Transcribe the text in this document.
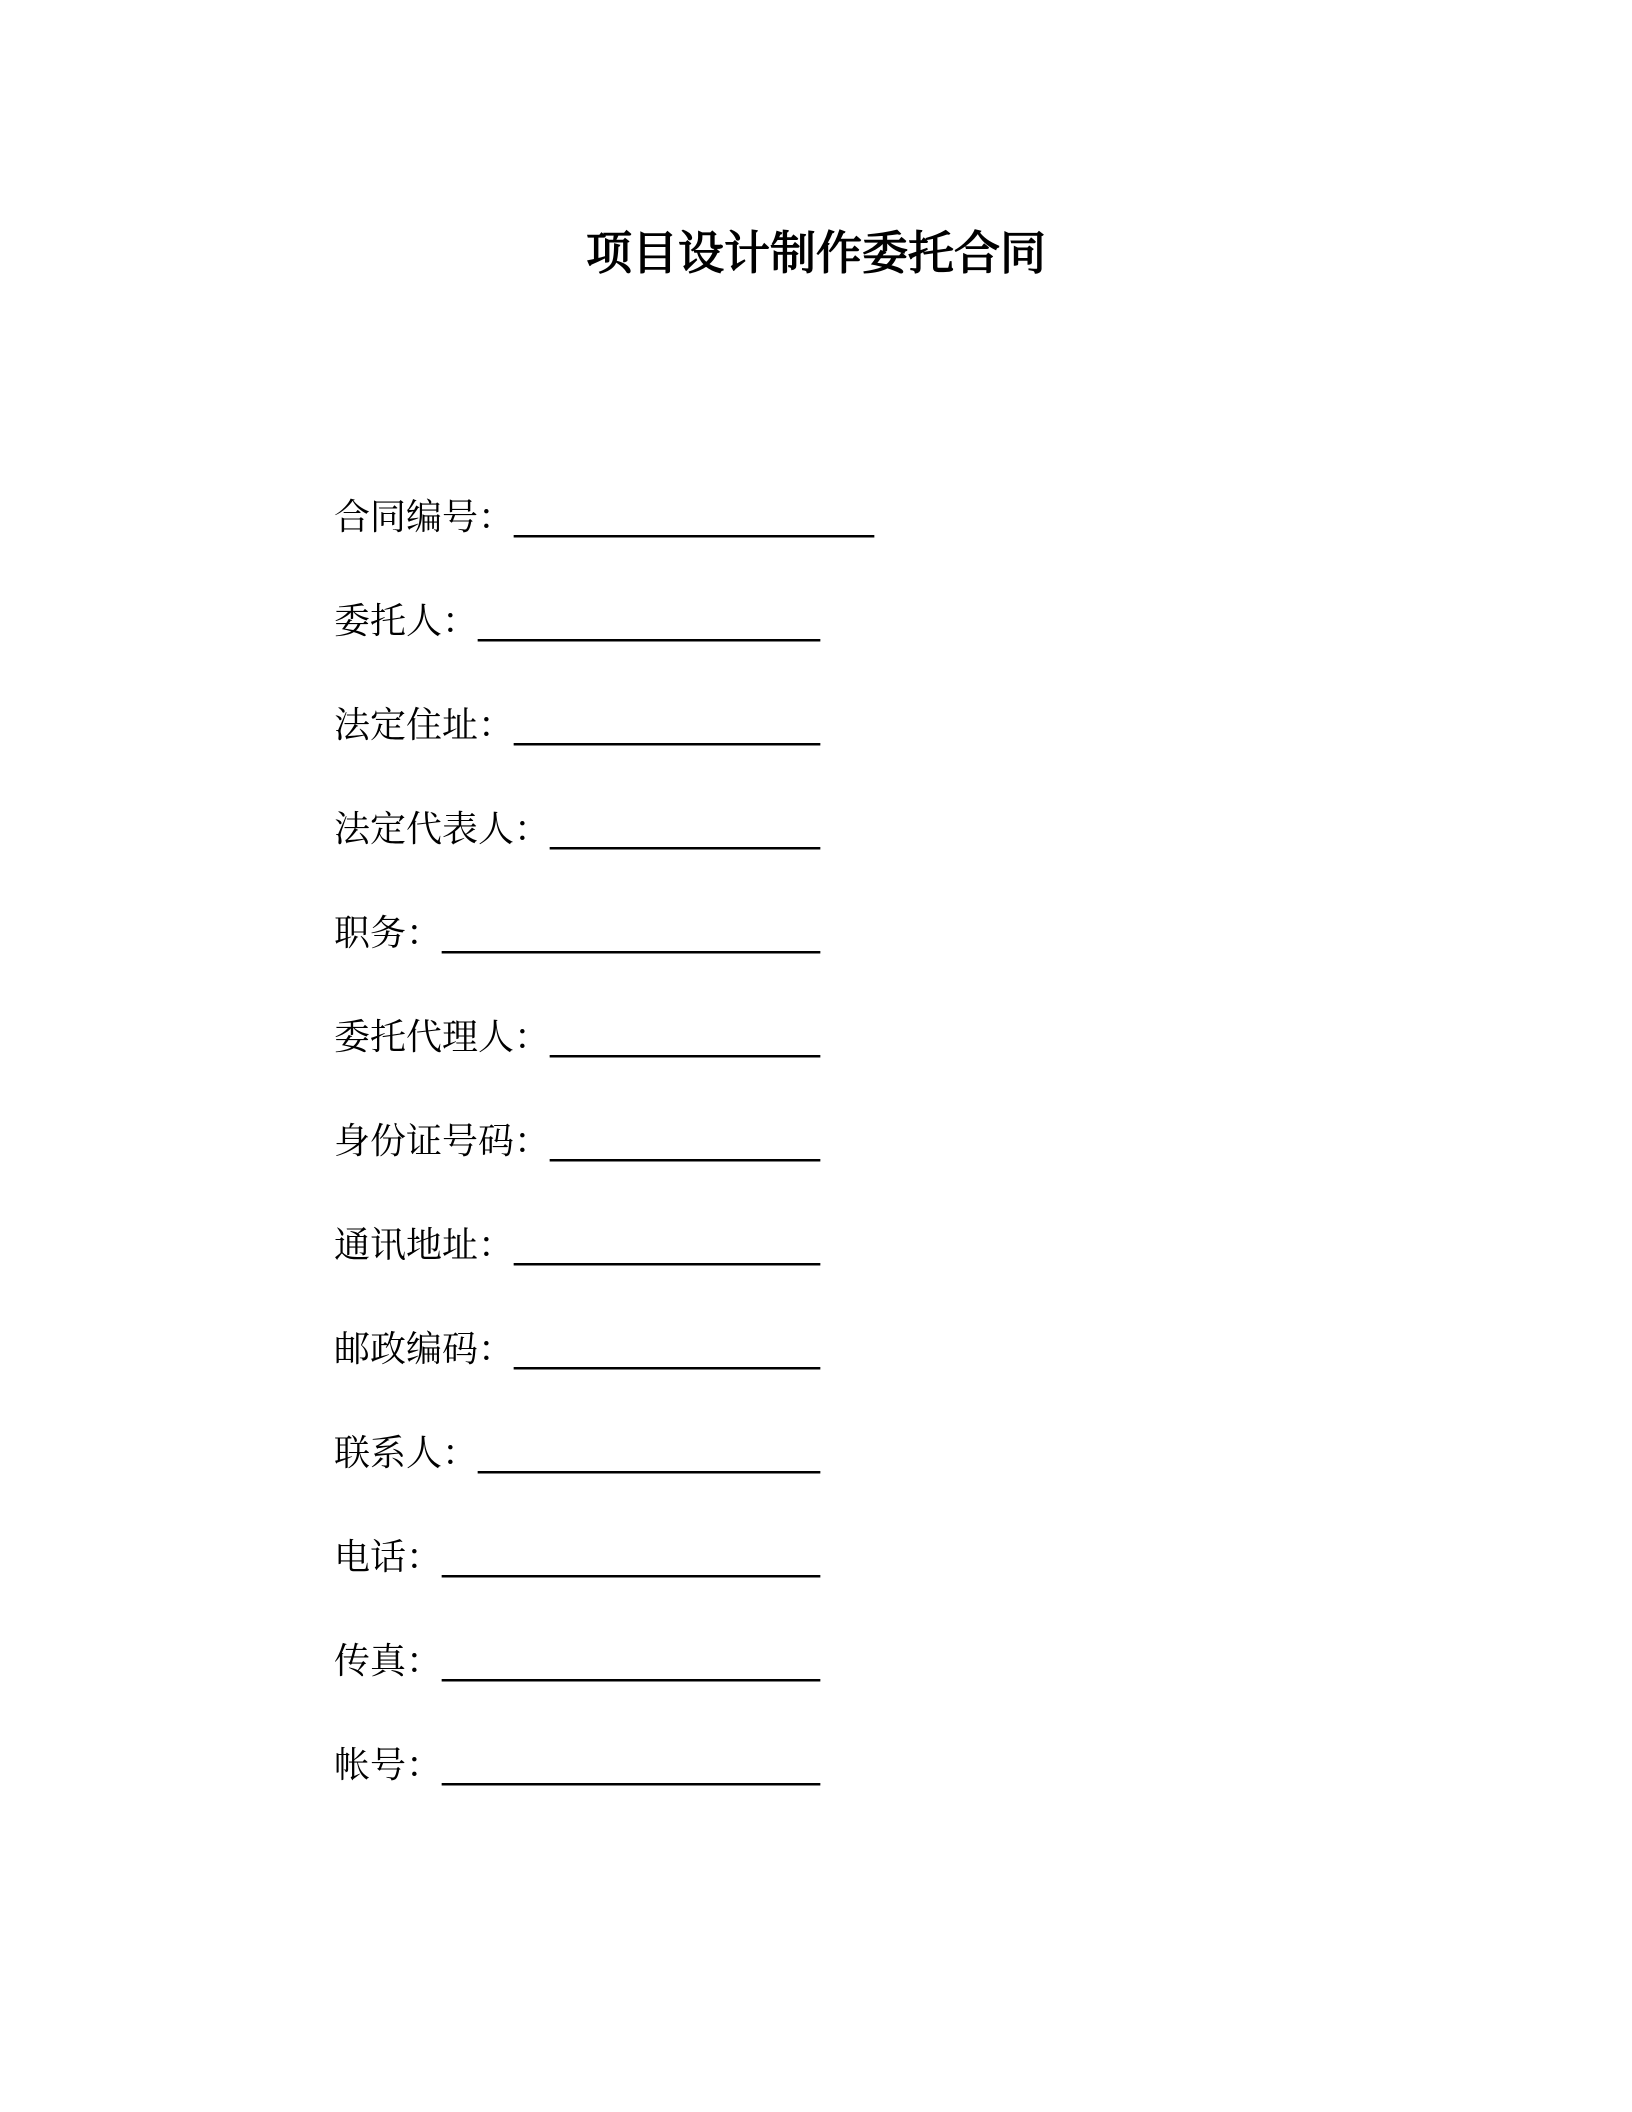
项目设计制作委托合同
合同编号：____________________
委托人：___________________
法定住址：_________________
法定代表人：_______________
职务：_____________________
委托代理人：_______________
身份证号码：_______________
通讯地址：_________________
邮政编码：_________________
联系人：___________________
电话：_____________________
传真：_____________________
帐号：_____________________
